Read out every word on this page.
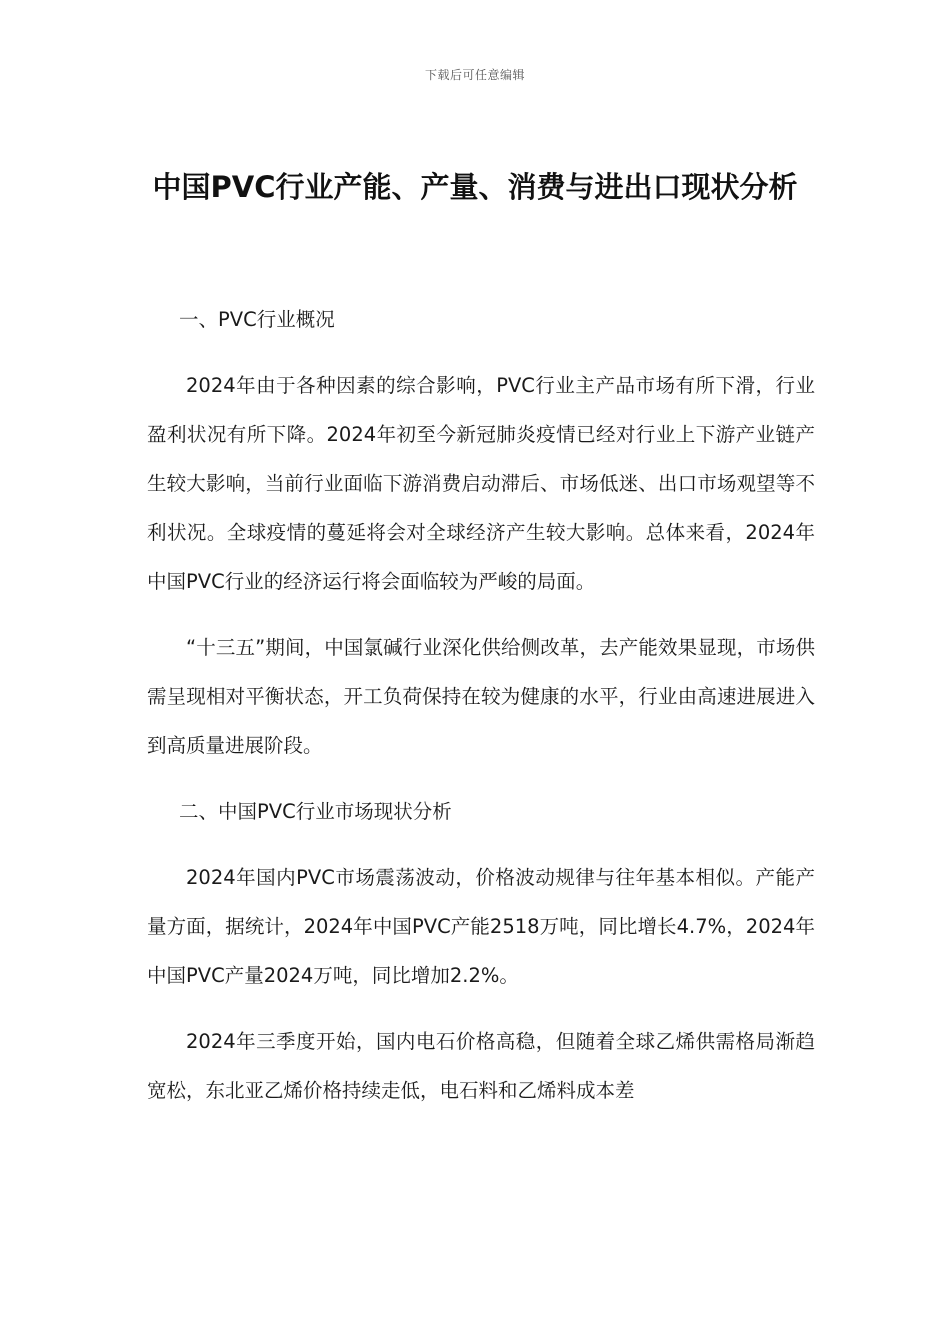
下载后可任意编辑
中国PVC行业产能、产量、消费与进出口现状分析

一、PVC行业概况

2024年由于各种因素的综合影响，PVC行业主产品市场有所下滑，行业盈利状况有所下降。2024年初至今新冠肺炎疫情已经对行业上下游产业链产生较大影响，当前行业面临下游消费启动滞后、市场低迷、出口市场观望等不利状况。全球疫情的蔓延将会对全球经济产生较大影响。总体来看，2024年中国PVC行业的经济运行将会面临较为严峻的局面。

“十三五”期间，中国氯碱行业深化供给侧改革，去产能效果显现，市场供需呈现相对平衡状态，开工负荷保持在较为健康的水平，行业由高速进展进入到高质量进展阶段。

二、中国PVC行业市场现状分析

2024年国内PVC市场震荡波动，价格波动规律与往年基本相似。产能产量方面，据统计，2024年中国PVC产能2518万吨，同比增长4.7%，2024年中国PVC产量2024万吨，同比增加2.2%。

2024年三季度开始，国内电石价格高稳，但随着全球乙烯供需格局渐趋宽松，东北亚乙烯价格持续走低，电石料和乙烯料成本差
